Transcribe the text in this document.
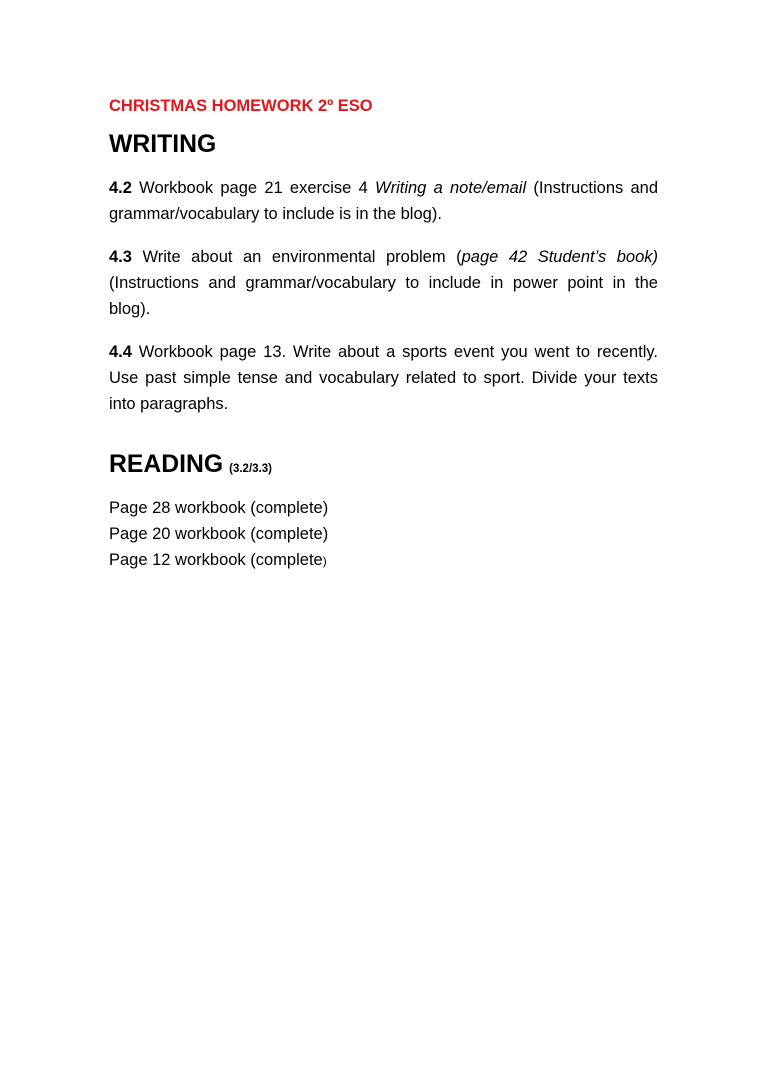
CHRISTMAS HOMEWORK 2º ESO
WRITING

4.2 Workbook page 21 exercise 4 Writing a note/email (Instructions and grammar/vocabulary to include is in the blog).

4.3 Write about an environmental problem (page 42 Student’s book) (Instructions and grammar/vocabulary to include in power point in the blog).

4.4 Workbook page 13. Write about a sports event you went to recently. Use past simple tense and vocabulary related to sport. Divide your texts into paragraphs.

READING (3.2/3.3)
Page 28 workbook (complete)
Page 20 workbook (complete)
Page 12 workbook (complete)
